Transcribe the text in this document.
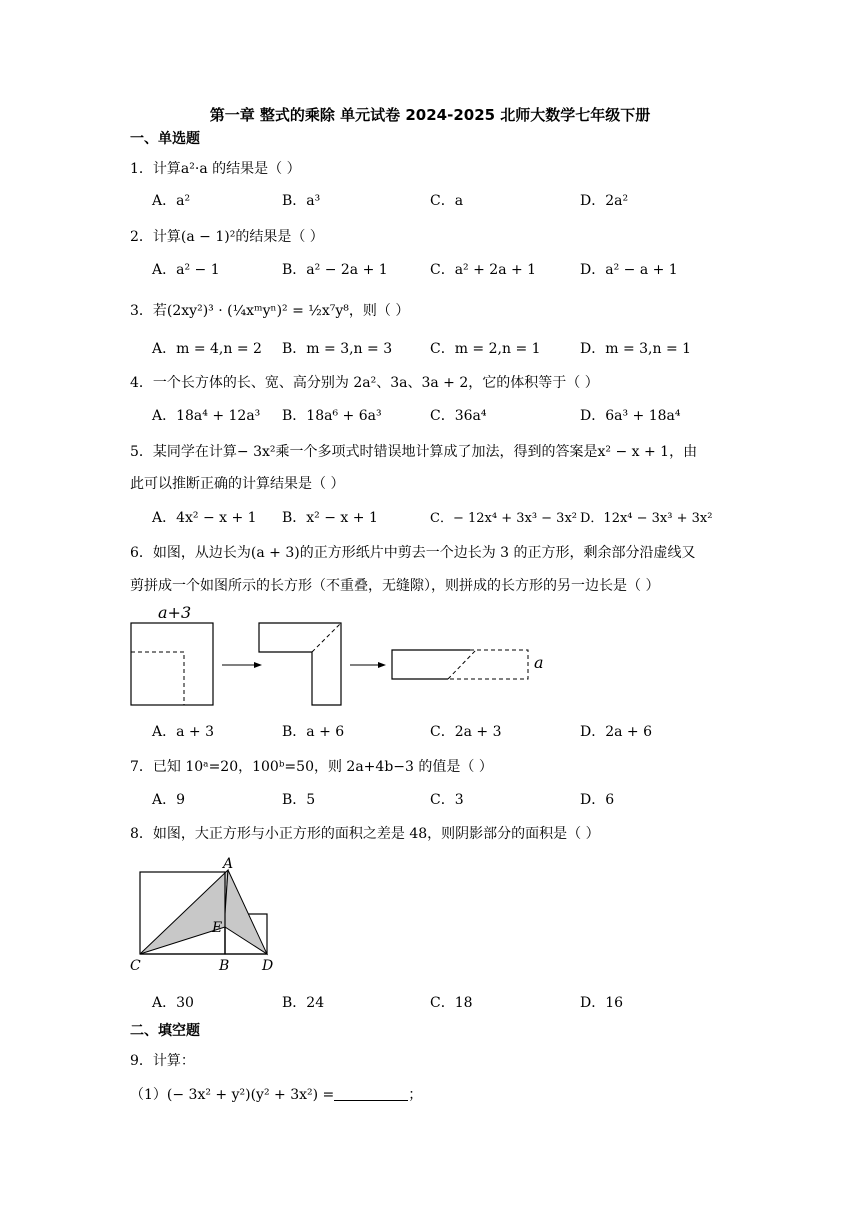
第一章 整式的乘除 单元试卷 2024-2025 北师大数学七年级下册
一、单选题
1．计算a²·a 的结果是（ ）
A．a²	B．a³	C．a	D．2a²
2．计算(a − 1)²的结果是（ ）
A．a² − 1	B．a² − 2a + 1	C．a² + 2a + 1	D．a² − a + 1
3．若(2xy²)³ · (¼xᵐyⁿ)² = ½x⁷y⁸，则（ ）
A．m = 4,n = 2 B．m = 3,n = 3	C．m = 2,n = 1	D．m = 3,n = 1
4．一个长方体的长、宽、高分别为 2a²、3a、3a + 2，它的体积等于（ ）
A．18a⁴ + 12a³ B．18a⁶ + 6a³	C．36a⁴	D．6a³ + 18a⁴
5．某同学在计算− 3x²乘一个多项式时错误地计算成了加法，得到的答案是x² − x + 1，由
此可以推断正确的计算结果是（ ）
A．4x² − x + 1 B．x² − x + 1	C．− 12x⁴ + 3x³ − 3x² D．12x⁴ − 3x³ + 3x²
6．如图，从边长为(a + 3)的正方形纸片中剪去一个边长为 3 的正方形，剩余部分沿虚线又
剪拼成一个如图所示的长方形（不重叠，无缝隙），则拼成的长方形的另一边长是（ ）
a+3
a
A．a + 3	B．a + 6	C．2a + 3	D．2a + 6
7．已知 10ᵃ=20，100ᵇ=50，则 2a+4b−3 的值是（ ）
A．9	B．5	C．3	D．6
8．如图，大正方形与小正方形的面积之差是 48，则阴影部分的面积是（ ）
A
E
C	B D
A．30	B．24	C．18	D．16
二、填空题
9．计算：
（1）(− 3x² + y²)(y² + 3x²) =	；
